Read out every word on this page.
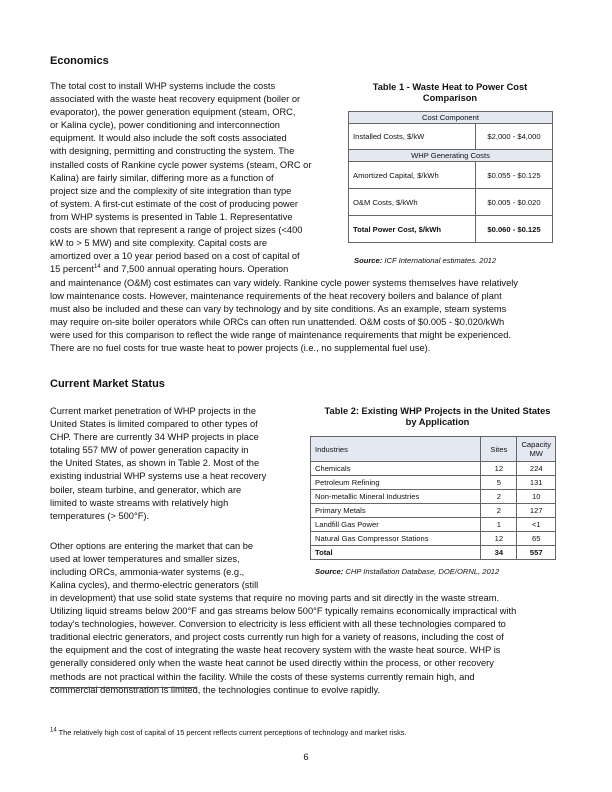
Economics
The total cost to install WHP systems include the costs
associated with the waste heat recovery equipment (boiler or
evaporator), the power generation equipment (steam, ORC,
or Kalina cycle), power conditioning and interconnection
equipment. It would also include the soft costs associated
with designing, permitting and constructing the system. The
installed costs of Rankine cycle power systems (steam, ORC or
Kalina) are fairly similar, differing more as a function of
project size and the complexity of site integration than type
of system. A first-cut estimate of the cost of producing power
from WHP systems is presented in Table 1. Representative
costs are shown that represent a range of project sizes (<400
kW to > 5 MW) and site complexity. Capital costs are
amortized over a 10 year period based on a cost of capital of
15 percent$^{14}$ and 7,500 annual operating hours. Operation
and maintenance (O&M) cost estimates can vary widely. Rankine cycle power systems themselves have relatively
low maintenance costs. However, maintenance requirements of the heat recovery boilers and balance of plant
must also be included and these can vary by technology and by site conditions. As an example, steam systems
may require on-site boiler operators while ORCs can often run unattended. O&M costs of $0.005 - $0.020/kWh
were used for this comparison to reflect the wide range of maintenance requirements that might be experienced.
There are no fuel costs for true waste heat to power projects (i.e., no supplemental fuel use).
Table 1 - Waste Heat to Power Cost
Comparison
Cost Component	
Installed Costs, $/kW	$2,000 - $4,000
WHP Generating Costs	
Amortized Capital, $/kWh	$0.055 - $0.125
O&M Costs, $/kWh	$0.005 - $0.020
Total Power Cost, $/kWh	$0.060 - $0.125
Source: ICF International estimates. 2012
Current Market Status
Current market penetration of WHP projects in the
United States is limited compared to other types of
CHP. There are currently 34 WHP projects in place
totaling 557 MW of power generation capacity in
the United States, as shown in Table 2. Most of the
existing industrial WHP systems use a heat recovery
boiler, steam turbine, and generator, which are
limited to waste streams with relatively high
temperatures (> 500°F).
Other options are entering the market that can be
used at lower temperatures and smaller sizes,
including ORCs, ammonia-water systems (e.g.,
Kalina cycles), and thermo-electric generators (still
in development) that use solid state systems that require no moving parts and sit directly in the waste stream.
Utilizing liquid streams below 200°F and gas streams below 500°F typically remains economically impractical with
today's technologies, however. Conversion to electricity is less efficient with all these technologies compared to
traditional electric generators, and project costs currently run high for a variety of reasons, including the cost of
the equipment and the cost of integrating the waste heat recovery system with the waste heat source. WHP is
generally considered only when the waste heat cannot be used directly within the process, or other recovery
methods are not practical within the facility. While the costs of these systems currently remain high, and
commercial demonstration is limited, the technologies continue to evolve rapidly.
Table 2: Existing WHP Projects in the United States
by Application
Industries	Sites	Capacity
MW

Chemicals	12	224
Petroleum Refining	5	131
Non-metallic Mineral Industries	2	10
Primary Metals	2	127
Landfill Gas Power	1	<1
Natural Gas Compressor Stations	12	65
Total	34	557
Source: CHP Installation Database, DOE/ORNL, 2012
$^{14}$ The relatively high cost of capital of 15 percent reflects current perceptions of technology and market risks.
6
